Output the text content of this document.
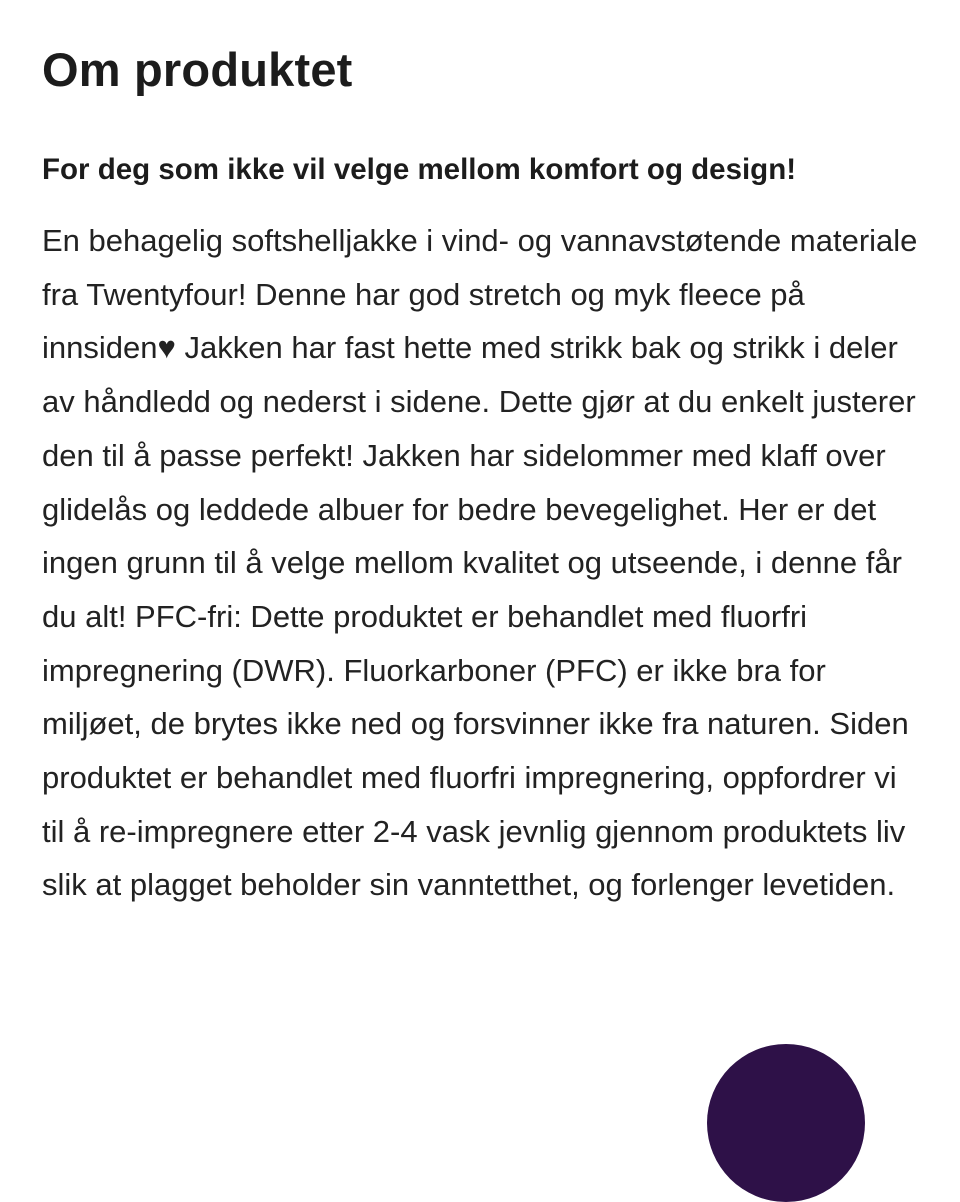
Om produktet

For deg som ikke vil velge mellom komfort og design!

En behagelig softshelljakke i vind- og vannavstøtende materiale fra Twentyfour! Denne har god stretch og myk fleece på innsiden♥ Jakken har fast hette med strikk bak og strikk i deler av håndledd og nederst i sidene. Dette gjør at du enkelt justerer den til å passe perfekt! Jakken har sidelommer med klaff over glidelås og leddede albuer for bedre bevegelighet. Her er det ingen grunn til å velge mellom kvalitet og utseende, i denne får du alt! PFC-fri: Dette produktet er behandlet med fluorfri impregnering (DWR). Fluorkarboner (PFC) er ikke bra for miljøet, de brytes ikke ned og forsvinner ikke fra naturen. Siden produktet er behandlet med fluorfri impregnering, oppfordrer vi til å re-impregnere etter 2-4 vask jevnlig gjennom produktets liv slik at plagget beholder sin vanntetthet, og forlenger levetiden.
